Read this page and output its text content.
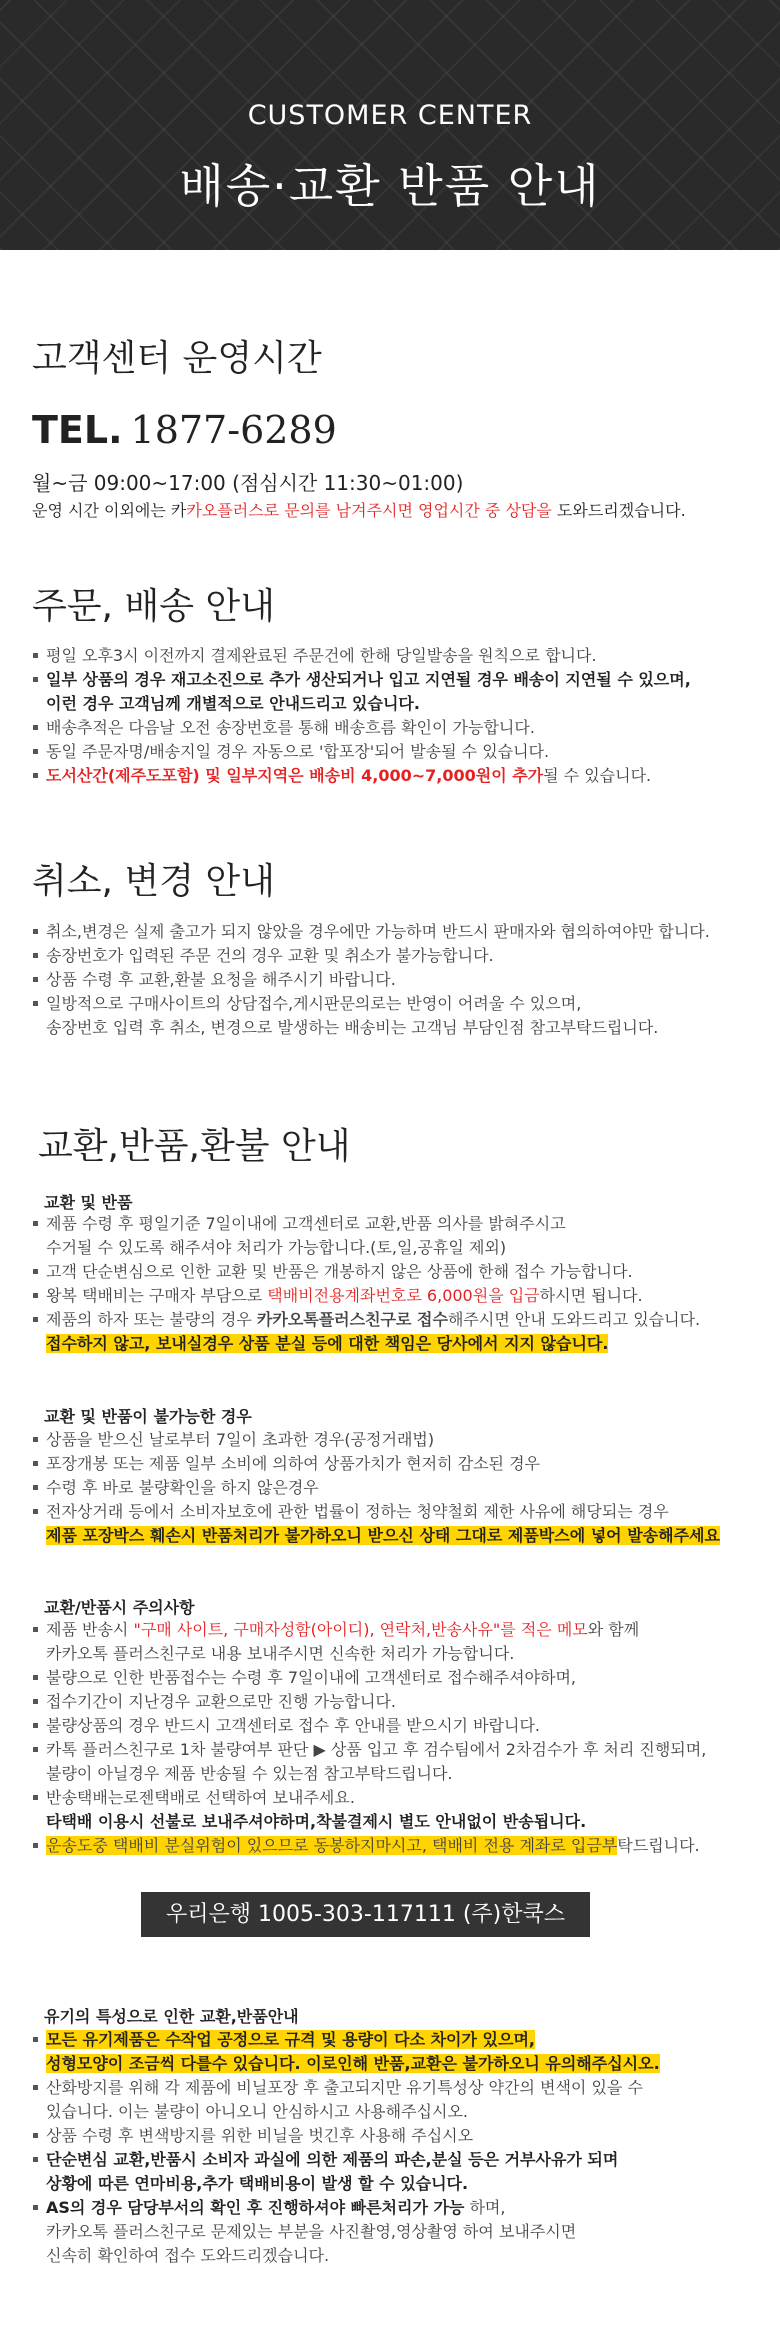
CUSTOMER CENTER
배송·교환 반품 안내
고객센터 운영시간
TEL. 1877-6289
월~금 09:00~17:00 (점심시간 11:30~01:00)
운영 시간 이외에는 카카오플러스로 문의를 남겨주시면 영업시간 중 상담을 도와드리겠습니다.
주문, 배송 안내
평일 오후3시 이전까지 결제완료된 주문건에 한해 당일발송을 원칙으로 합니다.
일부 상품의 경우 재고소진으로 추가 생산되거나 입고 지연될 경우 배송이 지연될 수 있으며,
이런 경우 고객님께 개별적으로 안내드리고 있습니다.
배송추적은 다음날 오전 송장번호를 통해 배송흐름 확인이 가능합니다.
동일 주문자명/배송지일 경우 자동으로 '합포장'되어 발송될 수 있습니다.
도서산간(제주도포함) 및 일부지역은 배송비 4,000~7,000원이 추가될 수 있습니다.
취소, 변경 안내
취소,변경은 실제 출고가 되지 않았을 경우에만 가능하며 반드시 판매자와 협의하여야만 합니다.
송장번호가 입력된 주문 건의 경우 교환 및 취소가 불가능합니다.
상품 수령 후 교환,환불 요청을 해주시기 바랍니다.
일방적으로 구매사이트의 상담접수,게시판문의로는 반영이 어려울 수 있으며,
송장번호 입력 후 취소, 변경으로 발생하는 배송비는 고객님 부담인점 참고부탁드립니다.
교환,반품,환불 안내
교환 및 반품
제품 수령 후 평일기준 7일이내에 고객센터로 교환,반품 의사를 밝혀주시고
수거될 수 있도록 해주셔야 처리가 가능합니다.(토,일,공휴일 제외)
고객 단순변심으로 인한 교환 및 반품은 개봉하지 않은 상품에 한해 접수 가능합니다.
왕복 택배비는 구매자 부담으로 택배비전용계좌번호로 6,000원을 입금하시면 됩니다.
제품의 하자 또는 불량의 경우 카카오톡플러스친구로 접수해주시면 안내 도와드리고 있습니다.
접수하지 않고, 보내실경우 상품 분실 등에 대한 책임은 당사에서 지지 않습니다.
교환 및 반품이 불가능한 경우
상품을 받으신 날로부터 7일이 초과한 경우(공정거래법)
포장개봉 또는 제품 일부 소비에 의하여 상품가치가 현저히 감소된 경우
수령 후 바로 불량확인을 하지 않은경우
전자상거래 등에서 소비자보호에 관한 법률이 정하는 청약철회 제한 사유에 해당되는 경우
제품 포장박스 훼손시 반품처리가 불가하오니 받으신 상태 그대로 제품박스에 넣어 발송해주세요
교환/반품시 주의사항
제품 반송시 "구매 사이트, 구매자성함(아이디), 연락처,반송사유"를 적은 메모와 함께
카카오톡 플러스친구로 내용 보내주시면 신속한 처리가 가능합니다.
불량으로 인한 반품접수는 수령 후 7일이내에 고객센터로 접수해주셔야하며,
접수기간이 지난경우 교환으로만 진행 가능합니다.
불량상품의 경우 반드시 고객센터로 접수 후 안내를 받으시기 바랍니다.
카톡 플러스친구로 1차 불량여부 판단 ▶ 상품 입고 후 검수팀에서 2차검수가 후 처리 진행되며,
불량이 아닐경우 제품 반송될 수 있는점 참고부탁드립니다.
반송택배는로젠택배로 선택하여 보내주세요.
타택배 이용시 선불로 보내주셔야하며,착불결제시 별도 안내없이 반송됩니다.
운송도중 택배비 분실위험이 있으므로 동봉하지마시고, 택배비 전용 계좌로 입금부탁드립니다.
우리은행 1005-303-117111 (주)한쿡스
유기의 특성으로 인한 교환,반품안내
모든 유기제품은 수작업 공정으로 규격 및 용량이 다소 차이가 있으며,
성형모양이 조금씩 다를수 있습니다. 이로인해 반품,교환은 불가하오니 유의해주십시오.
산화방지를 위해 각 제품에 비닐포장 후 출고되지만 유기특성상 약간의 변색이 있을 수
있습니다. 이는 불량이 아니오니 안심하시고 사용해주십시오.
상품 수령 후 변색방지를 위한 비닐을 벗긴후 사용해 주십시오
단순변심 교환,반품시 소비자 과실에 의한 제품의 파손,분실 등은 거부사유가 되며
상황에 따른 연마비용,추가 택배비용이 발생 할 수 있습니다.
AS의 경우 담당부서의 확인 후 진행하셔야 빠른처리가 가능 하며,
카카오톡 플러스친구로 문제있는 부분을 사진촬영,영상촬영 하여 보내주시면
신속히 확인하여 접수 도와드리겠습니다.
